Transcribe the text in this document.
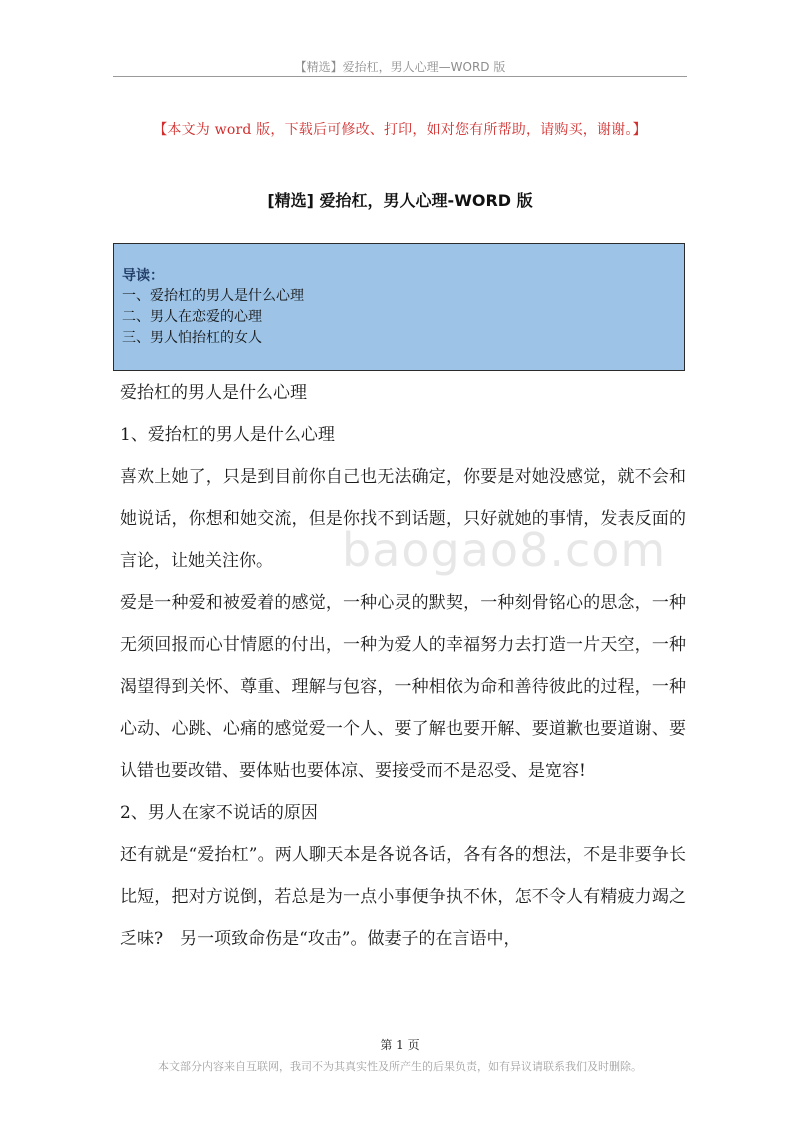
【精选】爱抬杠，男人心理—WORD 版
【本文为 word 版，下载后可修改、打印，如对您有所帮助，请购买，谢谢。】
[精选] 爱抬杠，男人心理-WORD 版
导读：
一、爱抬杠的男人是什么心理
二、男人在恋爱的心理
三、男人怕抬杠的女人

爱抬杠的男人是什么心理

1、爱抬杠的男人是什么心理

喜欢上她了，只是到目前你自己也无法确定，你要是对她没感觉，就不会和她说话，你想和她交流，但是你找不到话题，只好就她的事情，发表反面的言论，让她关注你。

爱是一种爱和被爱着的感觉，一种心灵的默契，一种刻骨铭心的思念，一种无须回报而心甘情愿的付出，一种为爱人的幸福努力去打造一片天空，一种渴望得到关怀、尊重、理解与包容，一种相依为命和善待彼此的过程，一种心动、心跳、心痛的感觉爱一个人、要了解也要开解、要道歉也要道谢、要认错也要改错、要体贴也要体凉、要接受而不是忍受、是宽容!

2、男人在家不说话的原因

还有就是“爱抬杠”。两人聊天本是各说各话，各有各的想法，不是非要争长比短，把对方说倒，若总是为一点小事便争执不休，怎不令人有精疲力竭之乏味?　另一项致命伤是“攻击”。做妻子的在言语中，

baogao8.com
第 1 页
本文部分内容来自互联网，我司不为其真实性及所产生的后果负责，如有异议请联系我们及时删除。
